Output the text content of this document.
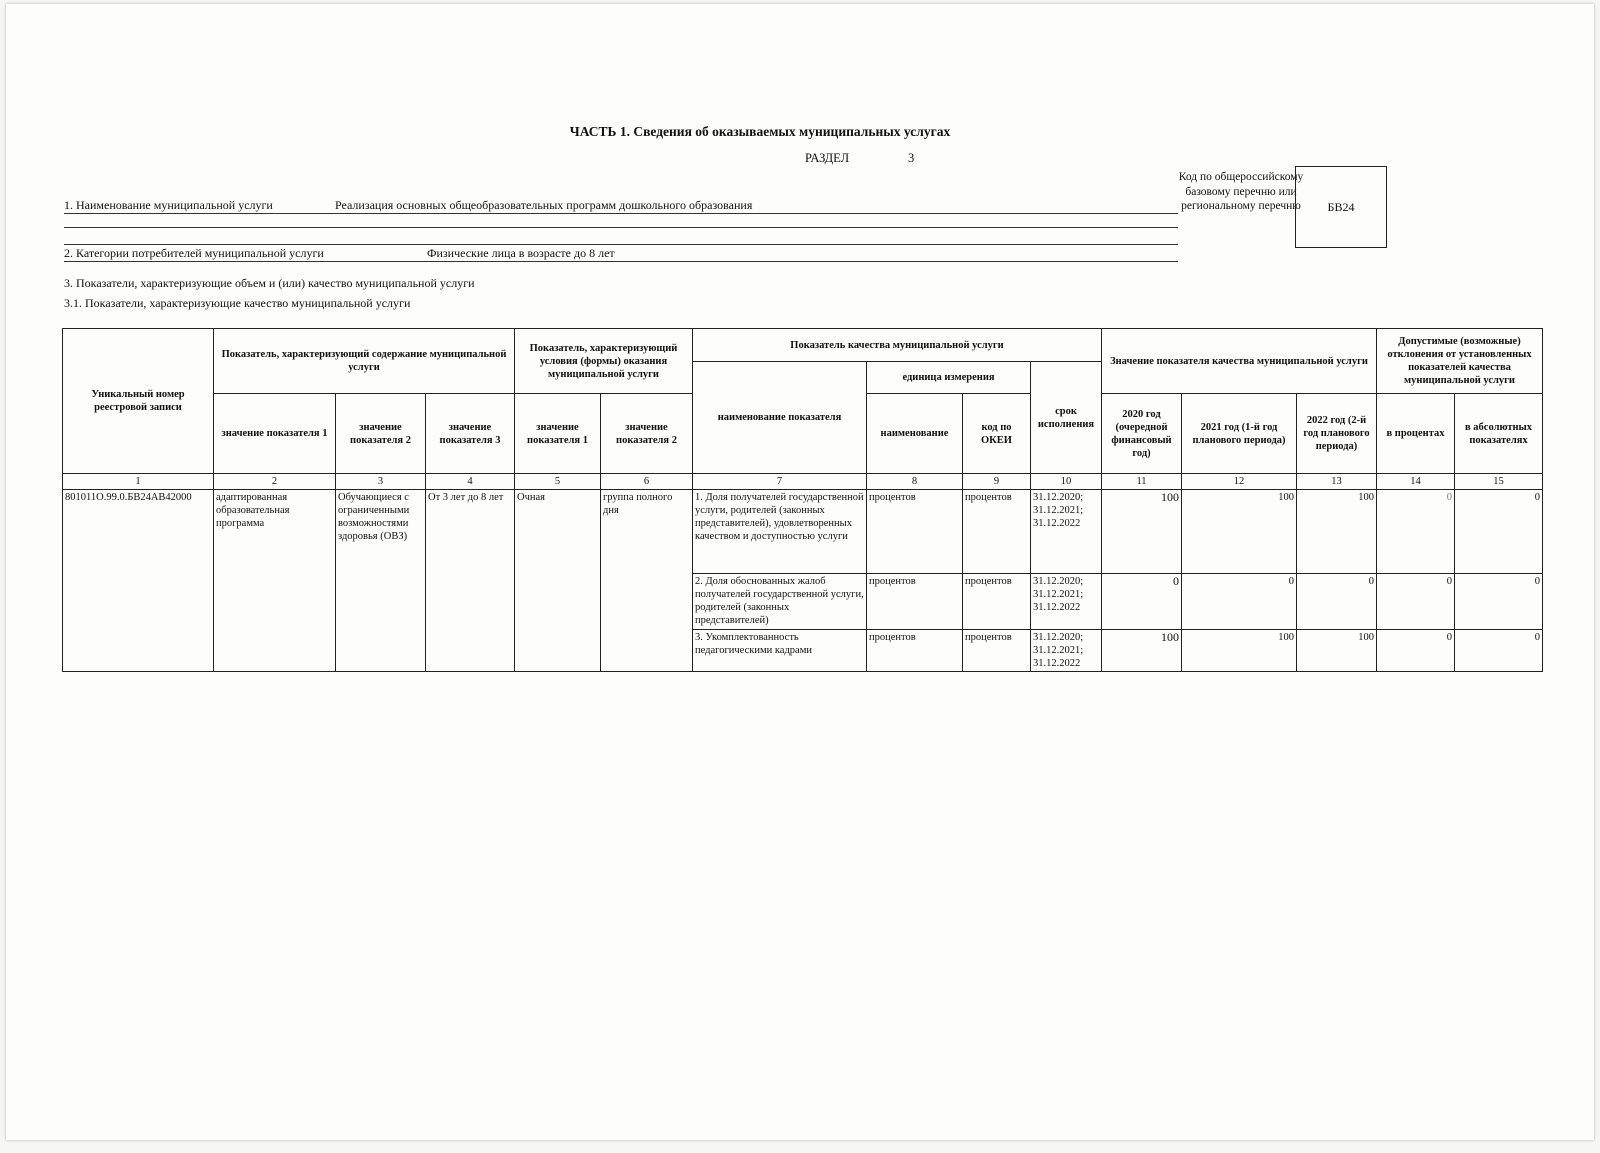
ЧАСТЬ 1. Сведения об оказываемых муниципальных услугах
РАЗДЕЛ	3
1. Наименование муниципальной услуги	Реализация основных общеобразовательных программ дошкольного образования
2. Категории потребителей муниципальной услуги	Физические лица в возрасте до 8 лет
Код по общероссийскому базовому перечню или региональному перечню БВ24
3. Показатели, характеризующие объем и (или) качество муниципальной услуги
3.1. Показатели, характеризующие качество муниципальной услуги
Уникальный номер реестровой записи	Показатель, характеризующий содержание муниципальной услуги			Показатель, характеризующий условия (формы) оказания муниципальной услуги		Показатель качества муниципальной услуги				Значение показателя качества муниципальной услуги			Допустимые (возможные) отклонения от установленных показателей качества муниципальной услуги	
						наименование показателя	единица измерения		срок исполнения					
	значение показателя 1	значение показателя 2	значение показателя 3	значение показателя 1	значение показателя 2		наименование	код по ОКЕИ		2020 год (очередной финансовый год)	2021 год (1-й год планового периода)	2022 год (2-й год планового периода)	в процентах	в абсолютных показателях
1	2	3	4	5	6	7	8	9	10	11	12	13	14	15
801011О.99.0.БВ24АВ42000	адаптированная образовательная программа	Обучающиеся с ограниченными возможностями здоровья (ОВЗ)	От 3 лет до 8 лет	Очная	группа полного дня	1. Доля получателей государственной услуги, родителей (законных представителей), удовлетворенных качеством и доступностью услуги	процентов	процентов	31.12.2020; 31.12.2021; 31.12.2022	100	100	100	0	0
						2. Доля обоснованных жалоб получателей государственной услуги, родителей (законных представителей)	процентов	процентов	31.12.2020; 31.12.2021; 31.12.2022	0	0	0	0	0
						3. Укомплектованность педагогическими кадрами	процентов	процентов	31.12.2020; 31.12.2021; 31.12.2022	100	100	100	0	0
